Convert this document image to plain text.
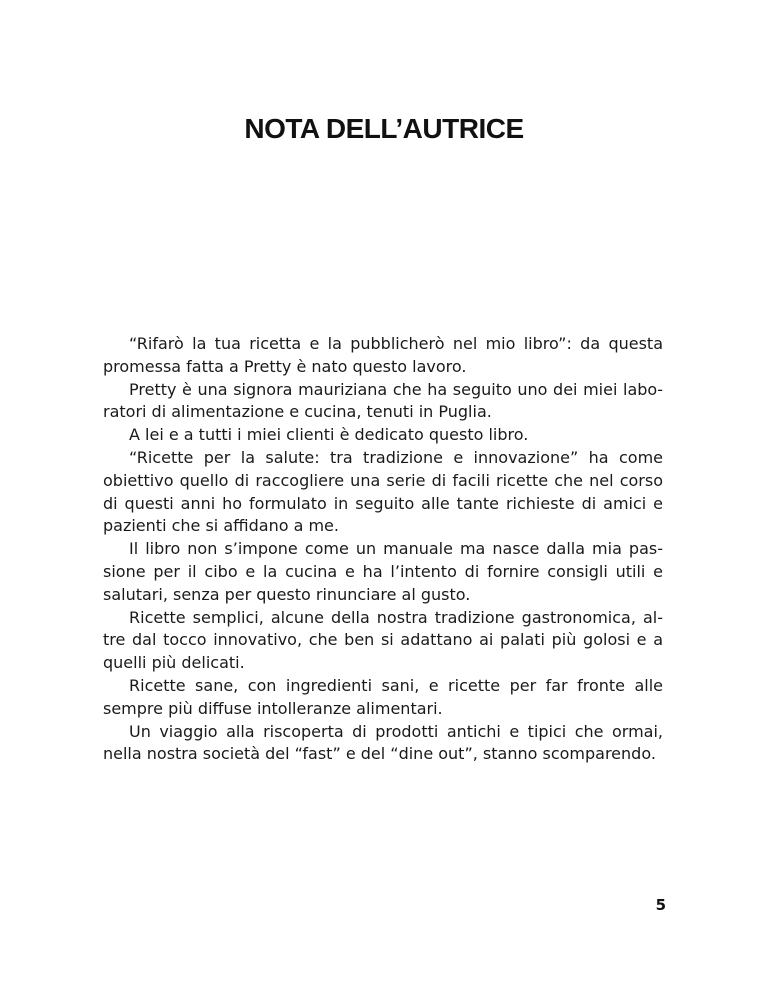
NOTA DELL’AUTRICE

“Rifarò la tua ricetta e la pubblicherò nel mio libro”: da questa promessa fatta a Pretty è nato questo lavoro.

Pretty è una signora mauriziana che ha seguito uno dei miei laboratori di alimentazione e cucina, tenuti in Puglia.

A lei e a tutti i miei clienti è dedicato questo libro.

“Ricette per la salute: tra tradizione e innovazione” ha come obiettivo quello di raccogliere una serie di facili ricette che nel corso di questi anni ho formulato in seguito alle tante richieste di amici e pazienti che si affidano a me.

Il libro non s’impone come un manuale ma nasce dalla mia passione per il cibo e la cucina e ha l’intento di fornire consigli utili e salutari, senza per questo rinunciare al gusto.

Ricette semplici, alcune della nostra tradizione gastronomica, altre dal tocco innovativo, che ben si adattano ai palati più golosi e a quelli più delicati.

Ricette sane, con ingredienti sani, e ricette per far fronte alle sempre più diffuse intolleranze alimentari.

Un viaggio alla riscoperta di prodotti antichi e tipici che ormai, nella nostra società del “fast” e del “dine out”, stanno scomparendo.

5
